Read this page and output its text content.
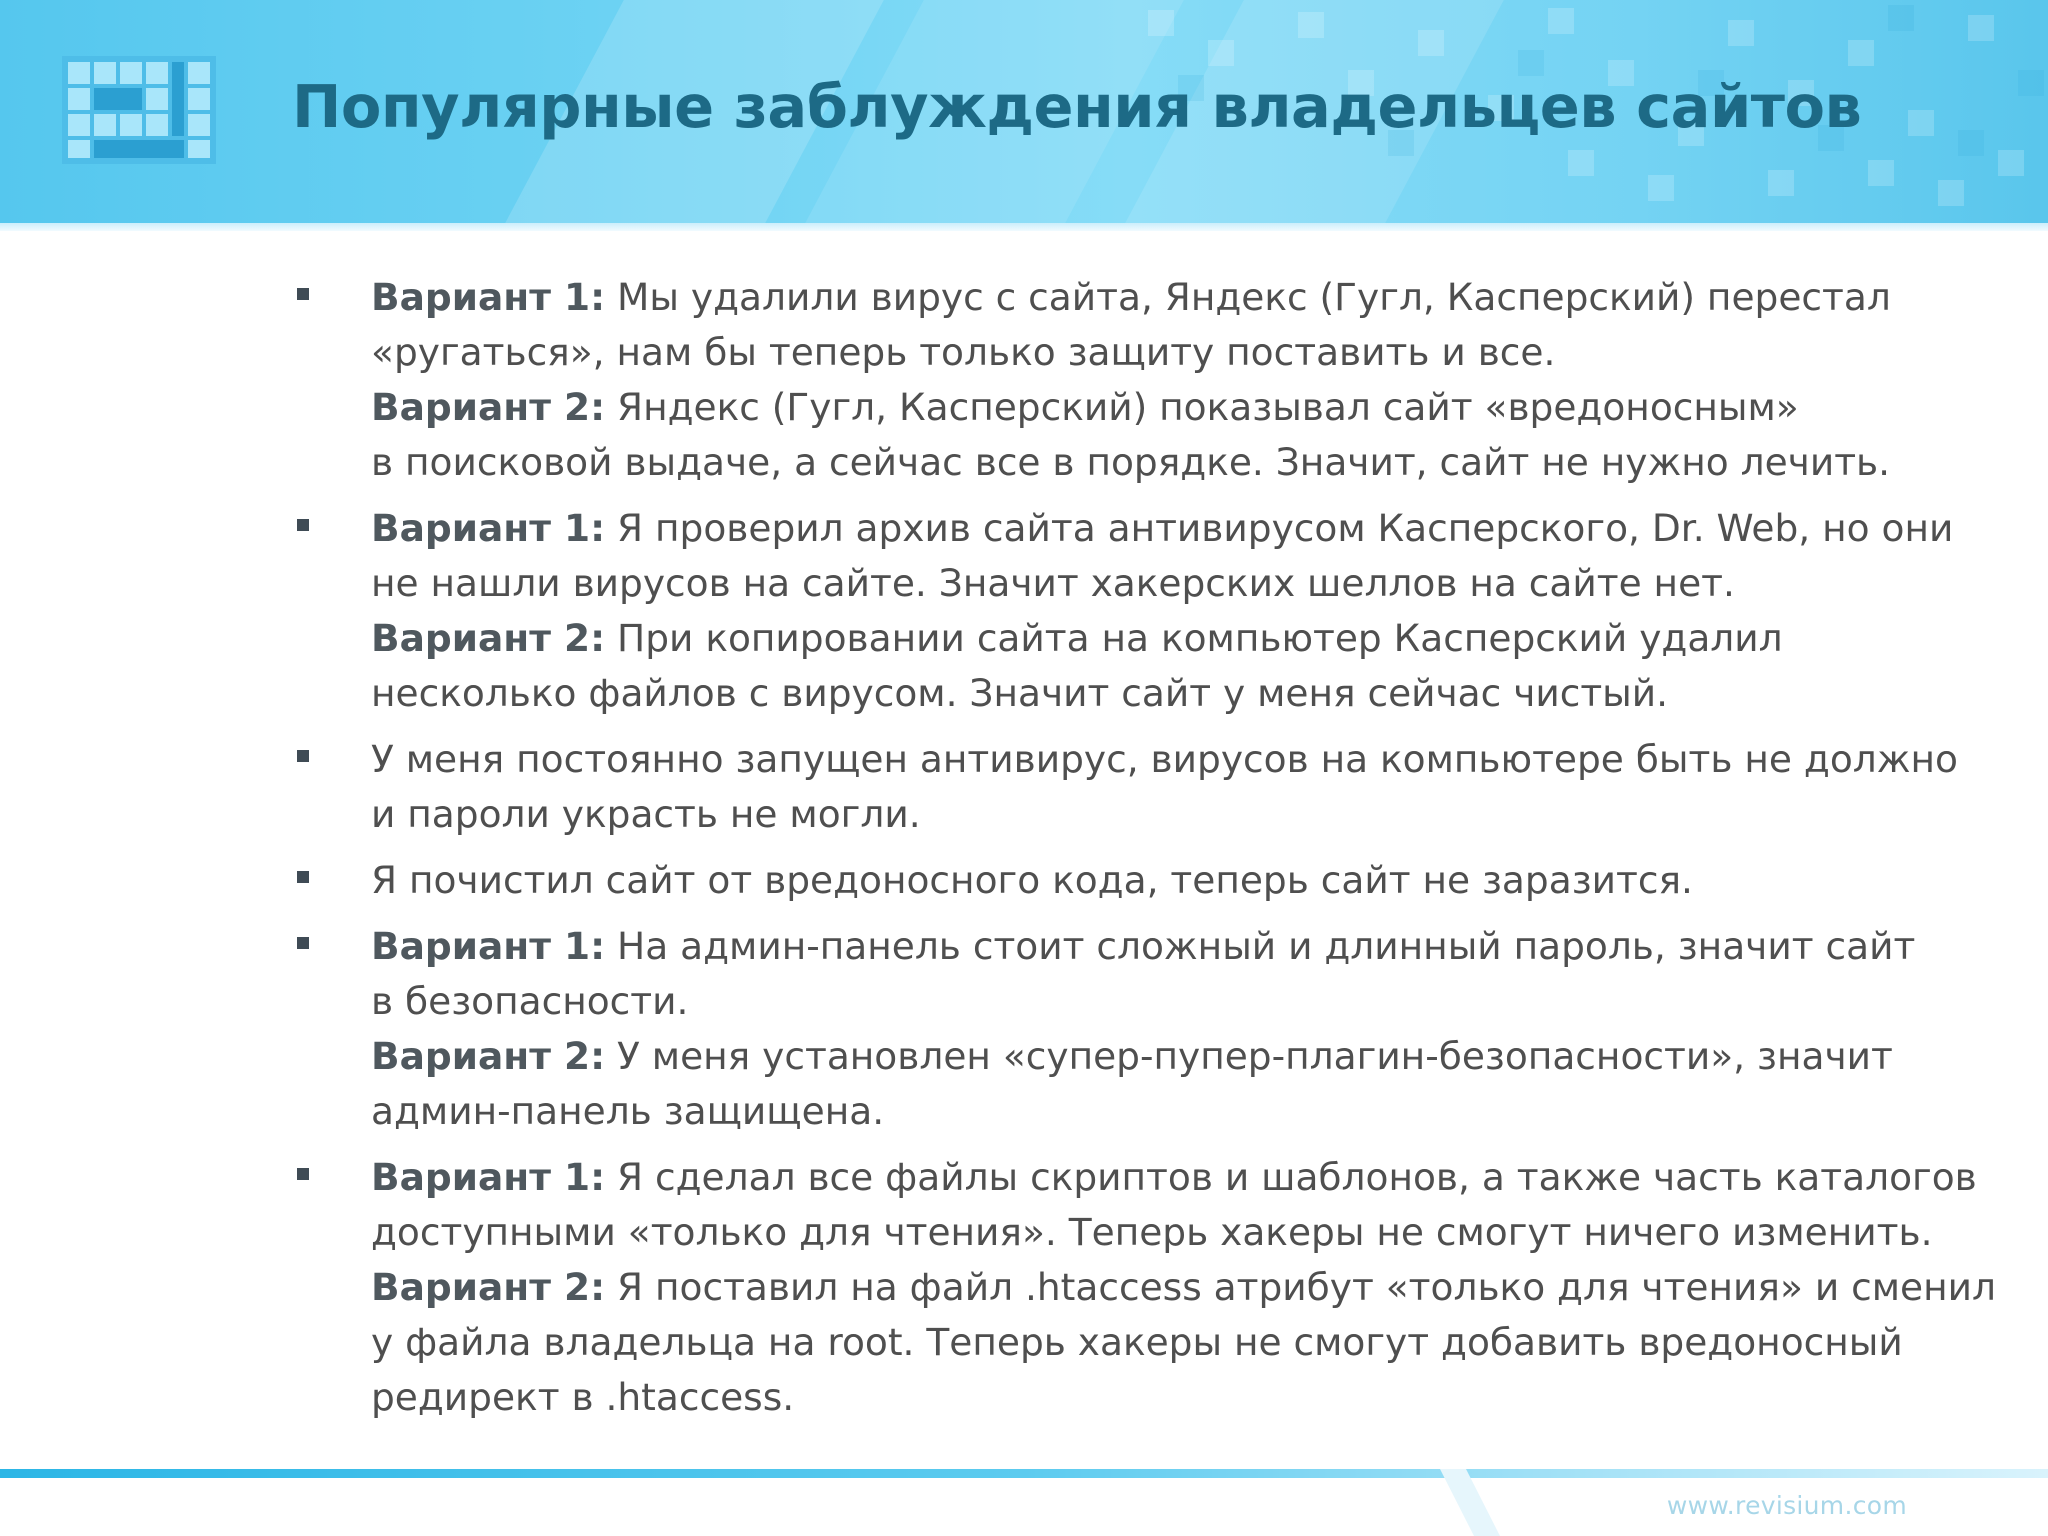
Популярные заблуждения владельцев сайтов
Вариант 1: Мы удалили вирус с сайта, Яндекс (Гугл, Касперский) перестал
«ругаться», нам бы теперь только защиту поставить и все.
Вариант 2: Яндекс (Гугл, Касперский) показывал сайт «вредоносным»
в поисковой выдаче, а сейчас все в порядке. Значит, сайт не нужно лечить.
Вариант 1: Я проверил архив сайта антивирусом Касперского, Dr. Web, но они
не нашли вирусов на сайте. Значит хакерских шеллов на сайте нет.
Вариант 2: При копировании сайта на компьютер Касперский удалил
несколько файлов с вирусом. Значит сайт у меня сейчас чистый.
У меня постоянно запущен антивирус, вирусов на компьютере быть не должно
и пароли украсть не могли.
Я почистил сайт от вредоносного кода, теперь сайт не заразится.
Вариант 1: На админ-панель стоит сложный и длинный пароль, значит сайт
в безопасности.
Вариант 2: У меня установлен «супер-пупер-плагин-безопасности», значит
админ-панель защищена.
Вариант 1: Я сделал все файлы скриптов и шаблонов, а также часть каталогов
доступными «только для чтения». Теперь хакеры не смогут ничего изменить.
Вариант 2: Я поставил на файл .htaccess атрибут «только для чтения» и сменил
у файла владельца на root. Теперь хакеры не смогут добавить вредоносный
редирект в .htaccess.
www.revisium.com
